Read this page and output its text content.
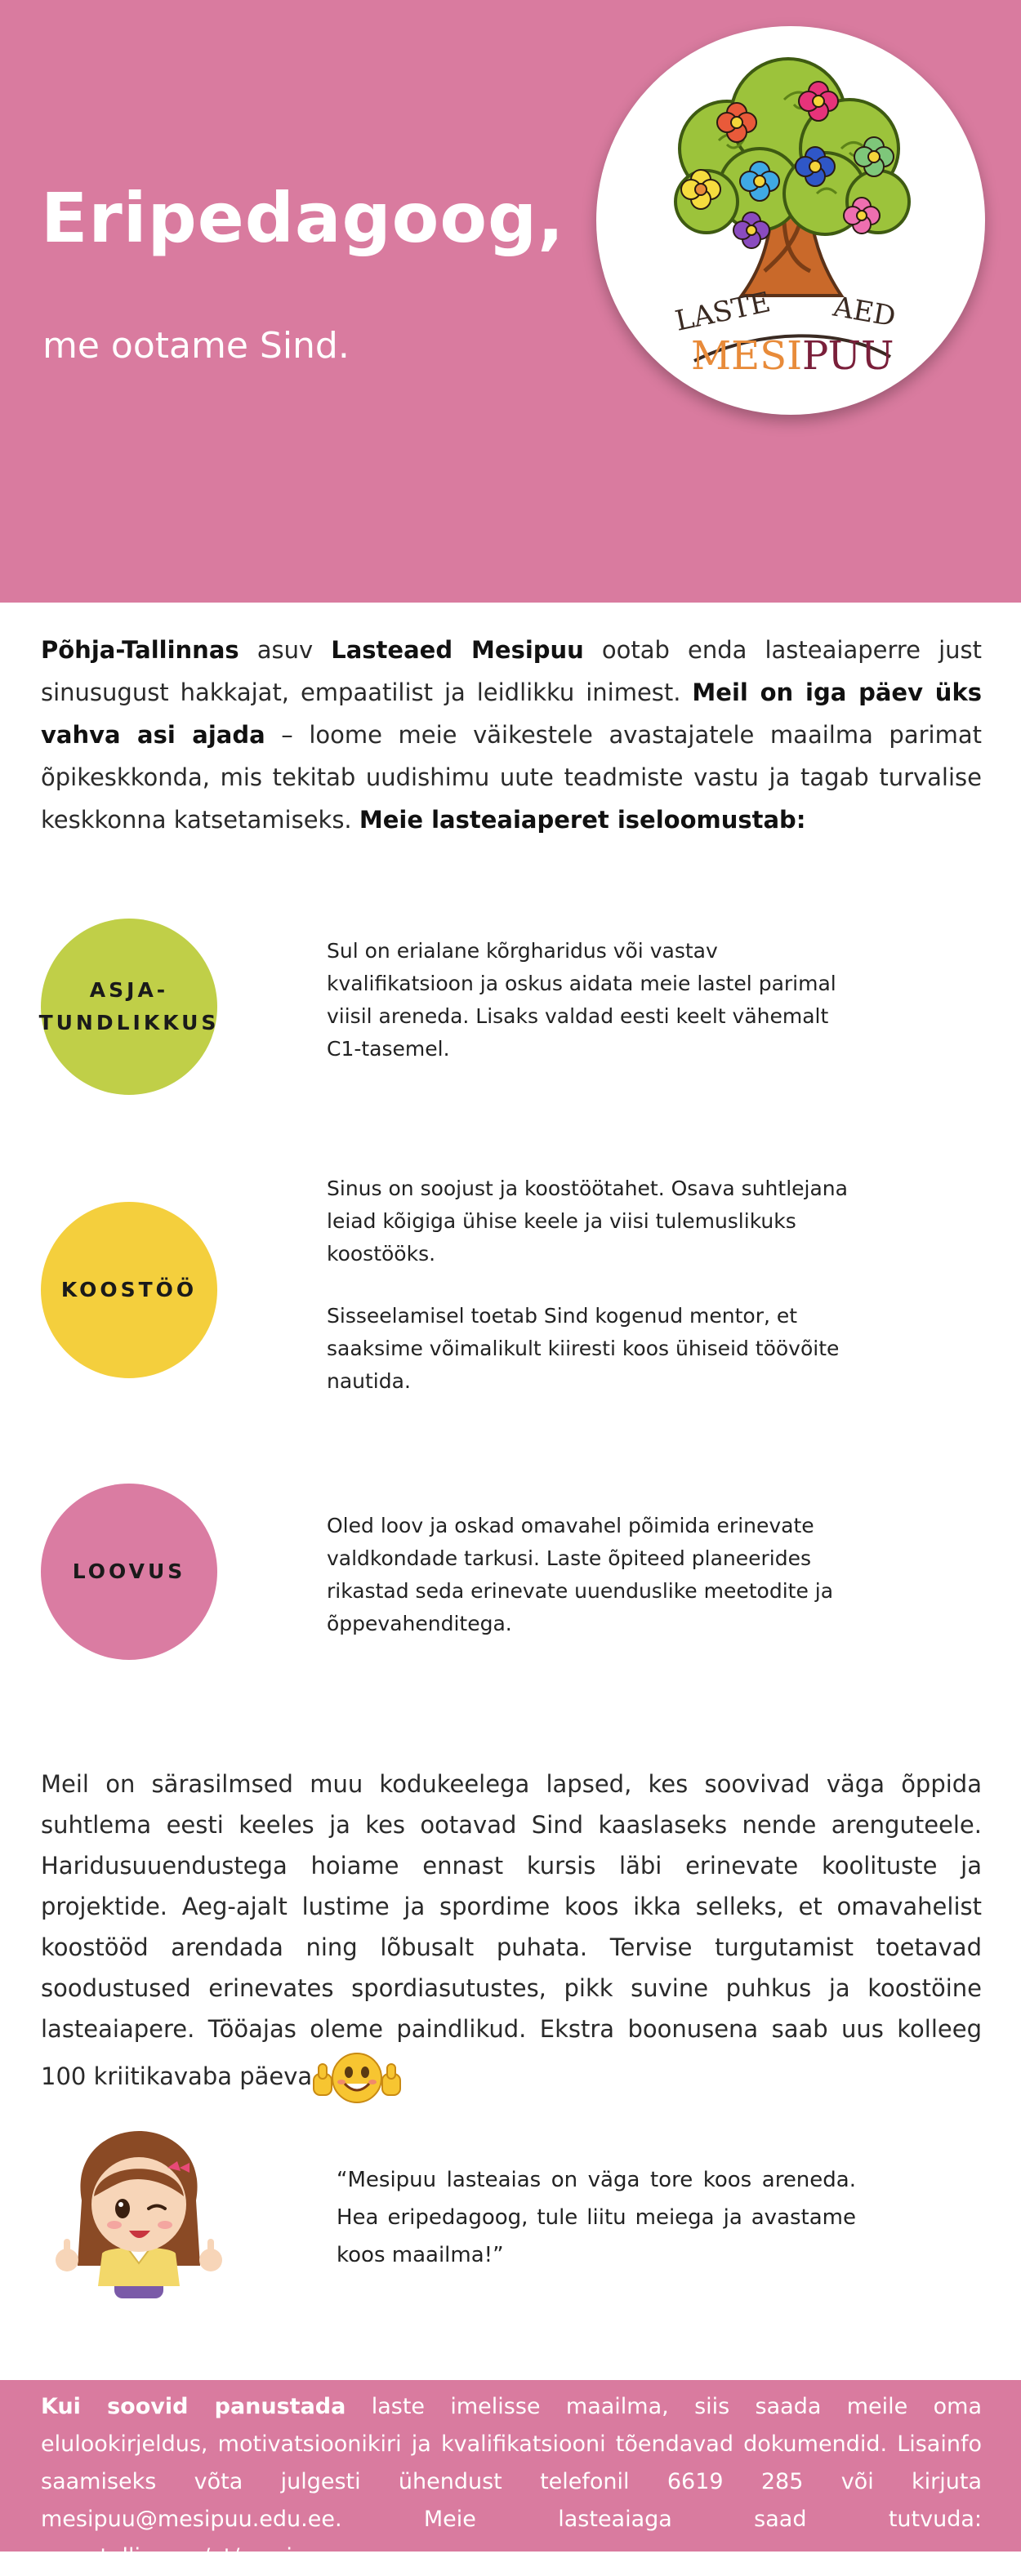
Eripedagoog,
me ootame Sind.
LASTE AED
MESIPUU

Põhja-Tallinnas asuv Lasteaed Mesipuu ootab enda lasteaiaperre just sinusugust hakkajat, empaatilist ja leidlikku inimest. Meil on iga päev üks vahva asi ajada – loome meie väikestele avastajatele maailma parimat õpikeskkonda, mis tekitab uudishimu uute teadmiste vastu ja tagab turvalise keskkonna katsetamiseks. Meie lasteaiaperet iseloomustab:

ASJA-
TUNDLIKKUS

Sul on erialane kõrgharidus või vastav kvalifikatsioon ja oskus aidata meie lastel parimal viisil areneda. Lisaks valdad eesti keelt vähemalt C1-tasemel.

KOOSTÖÖ

Sinus on soojust ja koostöötahet. Osava suhtlejana leiad kõigiga ühise keele ja viisi tulemuslikuks koostööks.

Sisseelamisel toetab Sind kogenud mentor, et saaksime võimalikult kiiresti koos ühiseid töövõite nautida.

LOOVUS

Oled loov ja oskad omavahel põimida erinevate valdkondade tarkusi. Laste õpiteed planeerides rikastad seda erinevate uuenduslike meetodite ja õppevahenditega.

Meil on särasilmsed muu kodukeelega lapsed, kes soovivad väga õppida suhtlema eesti keeles ja kes ootavad Sind kaaslaseks nende arenguteele. Haridusuuendustega hoiame ennast kursis läbi erinevate koolituste ja projektide. Aeg-ajalt lustime ja spordime koos ikka selleks, et omavahelist koostööd arendada ning lõbusalt puhata. Tervise turgutamist toetavad soodustused erinevates spordiasutustes, pikk suvine puhkus ja koostöine lasteaiapere. Tööajas oleme paindlikud. Ekstra boonusena saab uus kolleeg 100 kriitikavaba päeva

“Mesipuu lasteaias on väga tore koos areneda. Hea eripedagoog, tule liitu meiega ja avastame koos maailma!”

Kui soovid panustada laste imelisse maailma, siis saada meile oma elulookirjeldus, motivatsioonikiri ja kvalifikatsiooni tõendavad dokumendid. Lisainfo saamiseks võta julgesti ühendust telefonil 6619 285 või kirjuta mesipuu@mesipuu.edu.ee. Meie lasteaiaga saad tutvuda: www.tallinn.ee/et/mesipuu.
